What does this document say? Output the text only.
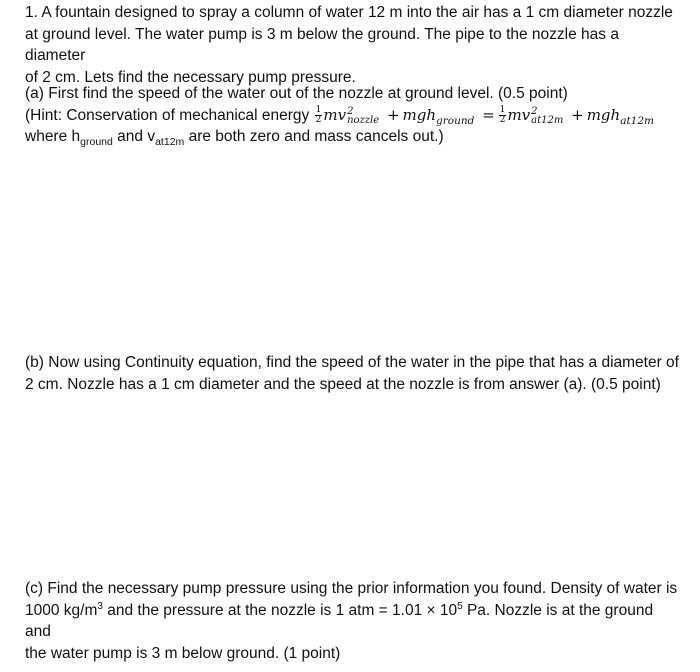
1. A fountain designed to spray a column of water 12 m into the air has a 1 cm diameter nozzle
at ground level. The water pump is 3 m below the ground. The pipe to the nozzle has a diameter
of 2 cm. Lets find the necessary pump pressure.
(a) First find the speed of the water out of the nozzle at ground level. (0.5 point)
(Hint: Conservation of mechanical energy $\frac{1}{2}$ mv 2
nozzle + $mgh_{ground} = \frac{1}{2}$ mv 2
at12m + mgh$_{at12m}$
where $h_{ground}$ and $v_{at12m}$ are both zero and mass cancels out.)
(b) Now using Continuity equation, find the speed of the water in the pipe that has a diameter of
2 cm. Nozzle has a 1 cm diameter and the speed at the nozzle is from answer (a). (0.5 point)
(c) Find the necessary pump pressure using the prior information you found. Density of water is
1000 $kg/m^3$ and the pressure at the nozzle is 1 atm = $1.01 \times 10^5$ Pa. Nozzle is at the ground and
the water pump is 3 m below ground. (1 point)
